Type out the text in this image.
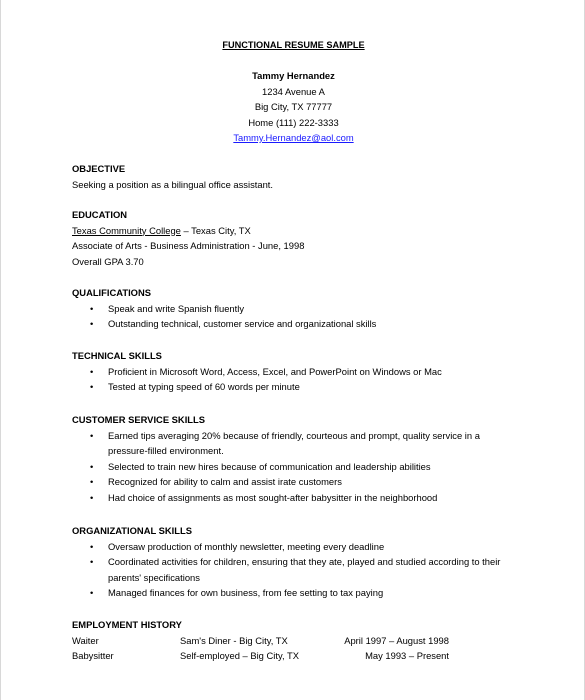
FUNCTIONAL RESUME SAMPLE
Tammy Hernandez
1234 Avenue A
Big City, TX 77777
Home (111) 222-3333
Tammy.Hernandez@aol.com
OBJECTIVE
Seeking a position as a bilingual office assistant.
EDUCATION
Texas Community College – Texas City, TX
Associate of Arts - Business Administration - June, 1998
Overall GPA 3.70
QUALIFICATIONS
• Speak and write Spanish fluently
• Outstanding technical, customer service and organizational skills
TECHNICAL SKILLS
• Proficient in Microsoft Word, Access, Excel, and PowerPoint on Windows or Mac
• Tested at typing speed of 60 words per minute
CUSTOMER SERVICE SKILLS
• Earned tips averaging 20% because of friendly, courteous and prompt, quality service in a pressure-filled environment.
• Selected to train new hires because of communication and leadership abilities
• Recognized for ability to calm and assist irate customers
• Had choice of assignments as most sought-after babysitter in the neighborhood
ORGANIZATIONAL SKILLS
• Oversaw production of monthly newsletter, meeting every deadline
• Coordinated activities for children, ensuring that they ate, played and studied according to their parents' specifications
• Managed finances for own business, from fee setting to tax paying
EMPLOYMENT HISTORY
Waiter	Sam's Diner - Big City, TX	April 1997 – August 1998
Babysitter	Self-employed – Big City, TX	May 1993 – Present
